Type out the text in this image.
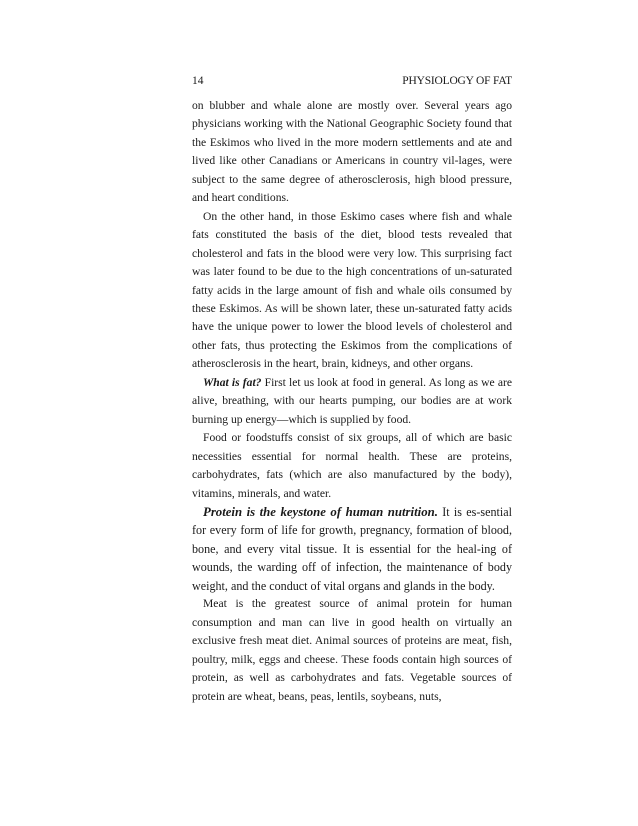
14	PHYSIOLOGY OF FAT

on blubber and whale alone are mostly over. Several years ago physicians working with the National Geographic Society found that the Eskimos who lived in the more modern settlements and ate and lived like other Canadians or Americans in country vil-lages, were subject to the same degree of atherosclerosis, high blood pressure, and heart conditions.

On the other hand, in those Eskimo cases where fish and whale fats constituted the basis of the diet, blood tests revealed that cholesterol and fats in the blood were very low. This surprising fact was later found to be due to the high concentrations of un-saturated fatty acids in the large amount of fish and whale oils consumed by these Eskimos. As will be shown later, these un-saturated fatty acids have the unique power to lower the blood levels of cholesterol and other fats, thus protecting the Eskimos from the complications of atherosclerosis in the heart, brain, kidneys, and other organs.

What is fat? First let us look at food in general. As long as we are alive, breathing, with our hearts pumping, our bodies are at work burning up energy—which is supplied by food.

Food or foodstuffs consist of six groups, all of which are basic necessities essential for normal health. These are proteins, carbohydrates, fats (which are also manufactured by the body), vitamins, minerals, and water.

Protein is the keystone of human nutrition. It is es-sential for every form of life for growth, pregnancy, formation of blood, bone, and every vital tissue. It is essential for the heal-ing of wounds, the warding off of infection, the maintenance of body weight, and the conduct of vital organs and glands in the body.

Meat is the greatest source of animal protein for human consumption and man can live in good health on virtually an exclusive fresh meat diet. Animal sources of proteins are meat, fish, poultry, milk, eggs and cheese. These foods contain high sources of protein, as well as carbohydrates and fats. Vegetable sources of protein are wheat, beans, peas, lentils, soybeans, nuts,
